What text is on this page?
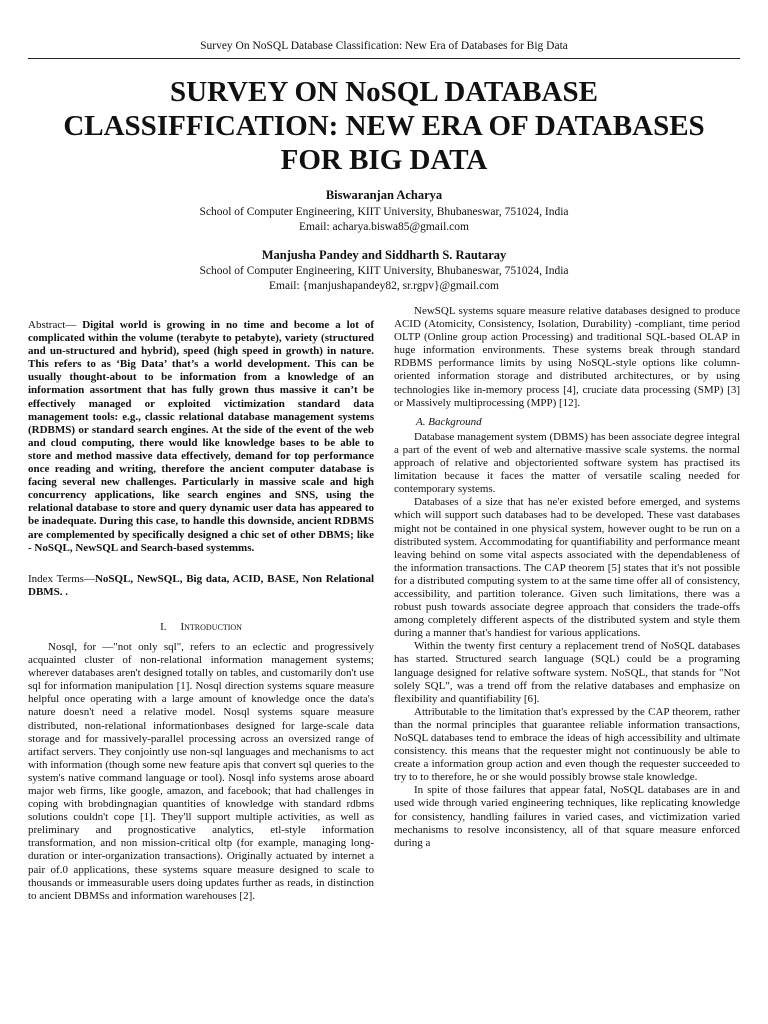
Survey On NoSQL Database Classification: New Era of Databases for Big Data
SURVEY ON NoSQL DATABASE
CLASSIFFICATION: NEW ERA OF DATABASES
FOR BIG DATA
Biswaranjan Acharya
School of Computer Engineering, KIIT University, Bhubaneswar, 751024, India
Email: acharya.biswa85@gmail.com
Manjusha Pandey and Siddharth S. Rautaray
School of Computer Engineering, KIIT University, Bhubaneswar, 751024, India
Email: {manjushapandey82, sr.rgpv}@gmail.com

Abstract— Digital world is growing in no time and become a lot of complicated within the volume (terabyte to petabyte), variety (structured and un-structured and hybrid), speed (high speed in growth) in nature. This refers to as ‘Big Data’ that’s a world development. This can be usually thought-about to be information from a knowledge of an information assortment that has fully grown thus massive it can’t be effectively managed or exploited victimization standard data management tools: e.g., classic relational database management systems (RDBMS) or standard search engines. At the side of the event of the web and cloud computing, there would like knowledge bases to be able to store and method massive data effectively, demand for top performance once reading and writing, therefore the ancient computer database is facing several new challenges. Particularly in massive scale and high concurrency applications, like search engines and SNS, using the relational database to store and query dynamic user data has appeared to be inadequate. During this case, to handle this downside, ancient RDBMS are complemented by specifically designed a chic set of other DBMS; like - NoSQL, NewSQL and Search-based systemms.

Index Terms—NoSQL, NewSQL, Big data, ACID, BASE, Non Relational DBMS. .

I. Introduction

Nosql, for —"not only sql", refers to an eclectic and progressively acquainted cluster of non-relational information management systems; wherever databases aren't designed totally on tables, and customarily don't use sql for information manipulation [1]. Nosql direction systems square measure helpful once operating with a large amount of knowledge once the data's nature doesn't need a relative model. Nosql systems square measure distributed, non-relational informationbases designed for large-scale data storage and for massively-parallel processing across an oversized range of artifact servers. They conjointly use non-sql languages and mechanisms to act with information (though some new feature apis that convert sql queries to the system's native command language or tool). Nosql info systems arose aboard major web firms, like google, amazon, and facebook; that had challenges in coping with brobdingnagian quantities of knowledge with standard rdbms solutions couldn't cope [1]. They'll support multiple activities, as well as preliminary and prognosticative analytics, etl-style information transformation, and non mission-critical oltp (for example, managing long-duration or inter-organization transactions). Originally actuated by internet a pair of.0 applications, these systems square measure designed to scale to thousands or immeasurable users doing updates further as reads, in distinction to ancient DBMSs and information warehouses [2].

NewSQL systems square measure relative databases designed to produce ACID (Atomicity, Consistency, Isolation, Durability) -compliant, time period OLTP (Online group action Processing) and traditional SQL-based OLAP in huge information environments. These systems break through standard RDBMS performance limits by using NoSQL-style options like column-oriented information storage and distributed architectures, or by using technologies like in-memory process [4], cruciate data processing (SMP) [3] or Massively multiprocessing (MPP) [12].

A. Background

Database management system (DBMS) has been associate degree integral a part of the event of web and alternative massive scale systems. the normal approach of relative and objectoriented software system has practised its limitation because it faces the matter of versatile scaling needed for contemporary systems.

Databases of a size that has ne'er existed before emerged, and systems which will support such databases had to be developed. These vast databases might not be contained in one physical system, however ought to be run on a distributed system. Accommodating for quantifiability and performance meant leaving behind on some vital aspects associated with the dependableness of the information transactions. The CAP theorem [5] states that it's not possible for a distributed computing system to at the same time offer all of consistency, accessibility, and partition tolerance. Given such limitations, there was a robust push towards associate degree approach that considers the trade-offs among completely different aspects of the distributed system and style them during a manner that's handiest for various applications.

Within the twenty first century a replacement trend of NoSQL databases has started. Structured search language (SQL) could be a programing language designed for relative software system. NoSQL, that stands for "Not solely SQL", was a trend off from the relative databases and emphasize on flexibility and quantifiability [6].

Attributable to the limitation that's expressed by the CAP theorem, rather than the normal principles that guarantee reliable information transactions, NoSQL databases tend to embrace the ideas of high accessibility and ultimate consistency. this means that the requester might not continuously be able to create a information group action and even though the requester succeeded to try to to therefore, he or she would possibly browse stale knowledge.

In spite of those failures that appear fatal, NoSQL databases are in and used wide through varied engineering techniques, like replicating knowledge for consistency, handling failures in varied cases, and victimization varied mechanisms to resolve inconsistency, all of that square measure enforced during a
